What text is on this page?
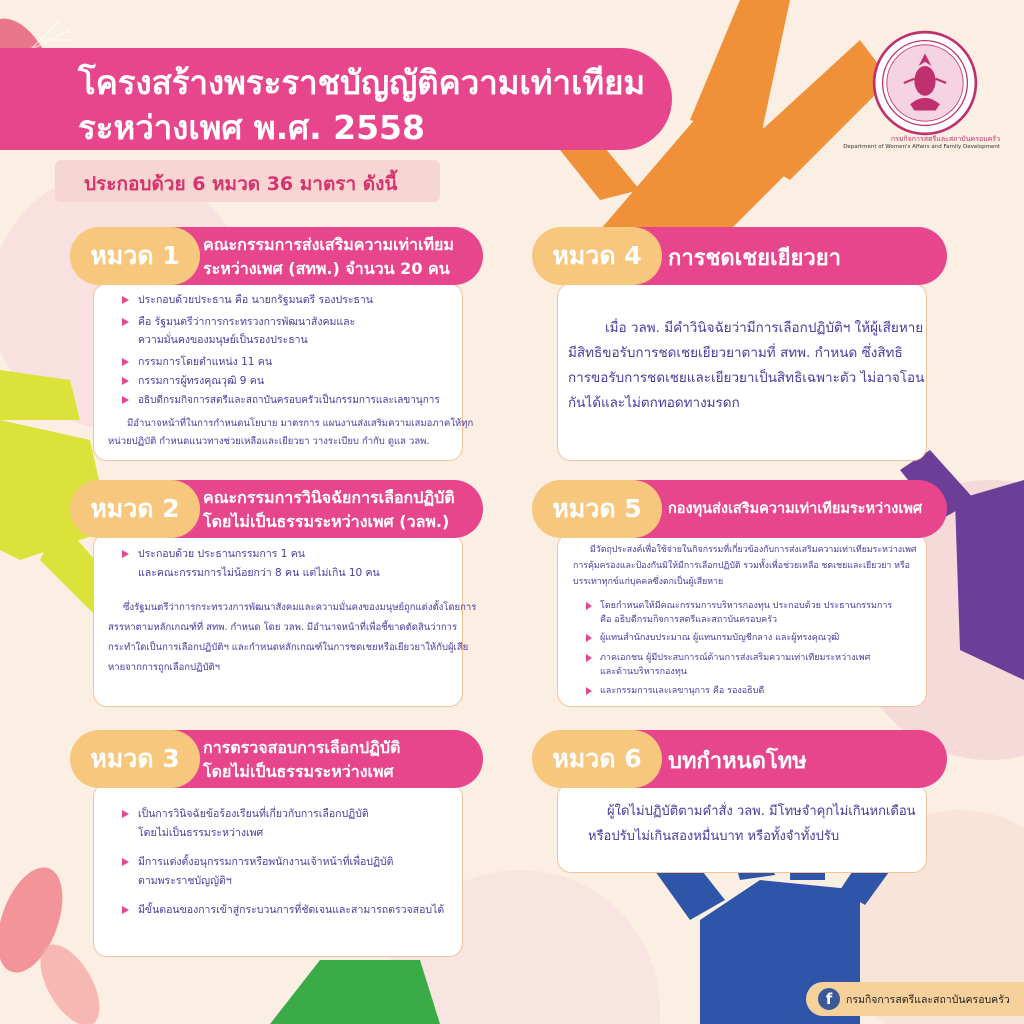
โครงสร้างพระราชบัญญัติความเท่าเทียม
ระหว่างเพศ พ.ศ. 2558
ประกอบด้วย 6 หมวด 36 มาตรา ดังนี้
กรมกิจการสตรีและสถาบันครอบครัว
Department of Women's Affairs and Family Development
หมวด 1	คณะกรรมการส่งเสริมความเท่าเทียม
ระหว่างเพศ (สทพ.) จำนวน 20 คน
ประกอบด้วยประธาน คือ นายกรัฐมนตรี รองประธาน
คือ รัฐมนตรีว่าการกระทรวงการพัฒนาสังคมและ
ความมั่นคงของมนุษย์เป็นรองประธาน
กรรมการโดยตำแหน่ง 11 คน
กรรมการผู้ทรงคุณวุฒิ 9 คน
อธิบดีกรมกิจการสตรีและสถาบันครอบครัวเป็นกรรมการและเลขานุการ
มีอำนาจหน้าที่ในการกำหนดนโยบาย มาตรการ แผนงานส่งเสริมความเสมอภาคให้ทุก
หน่วยปฏิบัติ กำหนดแนวทางช่วยเหลือและเยียวยา วางระเบียบ กำกับ ดูแล วลพ.
หมวด 2	คณะกรรมการวินิจฉัยการเลือกปฏิบัติ
โดยไม่เป็นธรรมระหว่างเพศ (วลพ.)
ประกอบด้วย ประธานกรรมการ 1 คน
และคณะกรรมการไม่น้อยกว่า 8 คน แต่ไม่เกิน 10 คน
ซึ่งรัฐมนตรีว่าการกระทรวงการพัฒนาสังคมและความมั่นคงของมนุษย์ถูกแต่งตั้งโดยการ
สรรหาตามหลักเกณฑ์ที่ สทพ. กำหนด โดย วลพ. มีอำนาจหน้าที่เพื่อชี้ขาดตัดสินว่าการ
กระทำใดเป็นการเลือกปฏิบัติฯ และกำหนดหลักเกณฑ์ในการชดเชยหรือเยียวยาให้กับผู้เสีย
หายจากการถูกเลือกปฏิบัติฯ
หมวด 3	การตรวจสอบการเลือกปฏิบัติ
โดยไม่เป็นธรรมระหว่างเพศ
เป็นการวินิจฉัยข้อร้องเรียนที่เกี่ยวกับการเลือกปฏิบัติ
โดยไม่เป็นธรรมระหว่างเพศ
มีการแต่งตั้งอนุกรรมการหรือพนักงานเจ้าหน้าที่เพื่อปฏิบัติ
ตามพระราชบัญญัติฯ
มีขั้นตอนของการเข้าสู่กระบวนการที่ชัดเจนและสามารถตรวจสอบได้
หมวด 4	การชดเชยเยียวยา
เมื่อ วลพ. มีคำวินิจฉัยว่ามีการเลือกปฏิบัติฯ ให้ผู้เสียหาย
มีสิทธิขอรับการชดเชยเยียวยาตามที่ สทพ. กำหนด ซึ่งสิทธิ
การขอรับการชดเชยและเยียวยาเป็นสิทธิเฉพาะตัว ไม่อาจโอน
กันได้และไม่ตกทอดทางมรดก
หมวด 5	กองทุนส่งเสริมความเท่าเทียมระหว่างเพศ
มีวัตถุประสงค์เพื่อใช้จ่ายในกิจกรรมที่เกี่ยวข้องกับการส่งเสริมความเท่าเทียมระหว่างเพศ
การคุ้มครองและป้องกันมิให้มีการเลือกปฏิบัติ รวมทั้งเพื่อช่วยเหลือ ชดเชยและเยียวยา หรือ
บรรเทาทุกข์แก่บุคคลซึ่งตกเป็นผู้เสียหาย
โดยกำหนดให้มีคณะกรรมการบริหารกองทุน ประกอบด้วย ประธานกรรมการ
คือ อธิบดีกรมกิจการสตรีและสถาบันครอบครัว
ผู้แทนสำนักงบประมาณ ผู้แทนกรมบัญชีกลาง และผู้ทรงคุณวุฒิ
ภาคเอกชน ผู้มีประสบการณ์ด้านการส่งเสริมความเท่าเทียมระหว่างเพศ
และด้านบริหารกองทุน
และกรรมการและเลขานุการ คือ รองอธิบดี
หมวด 6	บทกำหนดโทษ
ผู้ใดไม่ปฏิบัติตามคำสั่ง วลพ. มีโทษจำคุกไม่เกินหกเดือน
หรือปรับไม่เกินสองหมื่นบาท หรือทั้งจำทั้งปรับ
f	กรมกิจการสตรีและสถาบันครอบครัว
